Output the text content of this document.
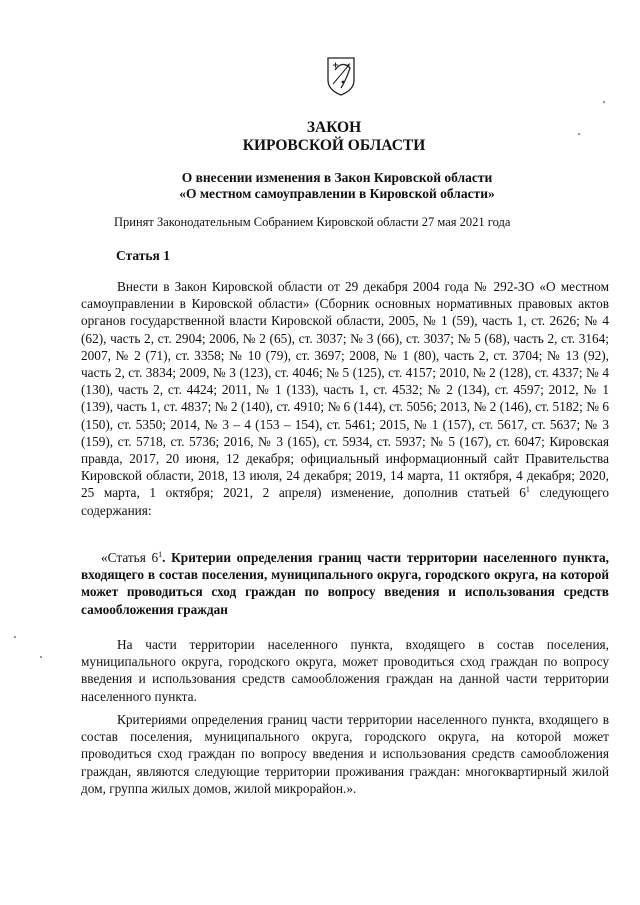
ЗАКОН
КИРОВСКОЙ ОБЛАСТИ
О внесении изменения в Закон Кировской области
«О местном самоуправлении в Кировской области»
Принят Законодательным Собранием Кировской области 27 мая 2021 года
Статья 1
Внести в Закон Кировской области от 29 декабря 2004 года № 292-ЗО «О местном самоуправлении в Кировской области» (Сборник основных нормативных правовых актов органов государственной власти Кировской области, 2005, № 1 (59), часть 1, ст. 2626; № 4 (62), часть 2, ст. 2904; 2006, № 2 (65), ст. 3037; № 3 (66), ст. 3037; № 5 (68), часть 2, ст. 3164; 2007, № 2 (71), ст. 3358; № 10 (79), ст. 3697; 2008, № 1 (80), часть 2, ст. 3704; № 13 (92), часть 2, ст. 3834; 2009, № 3 (123), ст. 4046; № 5 (125), ст. 4157; 2010, № 2 (128), ст. 4337; № 4 (130), часть 2, ст. 4424; 2011, № 1 (133), часть 1, ст. 4532; № 2 (134), ст. 4597; 2012, № 1 (139), часть 1, ст. 4837; № 2 (140), ст. 4910; № 6 (144), ст. 5056; 2013, № 2 (146), ст. 5182; № 6 (150), ст. 5350; 2014, № 3 – 4 (153 – 154), ст. 5461; 2015, № 1 (157), ст. 5617, ст. 5637; № 3 (159), ст. 5718, ст. 5736; 2016, № 3 (165), ст. 5934, ст. 5937; № 5 (167), ст. 6047; Кировская правда, 2017, 20 июня, 12 декабря; официальный информационный сайт Правительства Кировской области, 2018, 13 июля, 24 декабря; 2019, 14 марта, 11 октября, 4 декабря; 2020, 25 марта, 1 октября; 2021, 2 апреля) изменение, дополнив статьей $6^1$ следующего содержания:
«Статья $6^1$. Критерии определения границ части территории населенного пункта, входящего в состав поселения, муниципального округа, городского округа, на которой может проводиться сход граждан по вопросу введения и использования средств самообложения граждан
На части территории населенного пункта, входящего в состав поселения, муниципального округа, городского округа, может проводиться сход граждан по вопросу введения и использования средств самообложения граждан на данной части территории населенного пункта.
Критериями определения границ части территории населенного пункта, входящего в состав поселения, муниципального округа, городского округа, на которой может проводиться сход граждан по вопросу введения и использования средств самообложения граждан, являются следующие территории проживания граждан: многоквартирный жилой дом, группа жилых домов, жилой микрорайон.».
